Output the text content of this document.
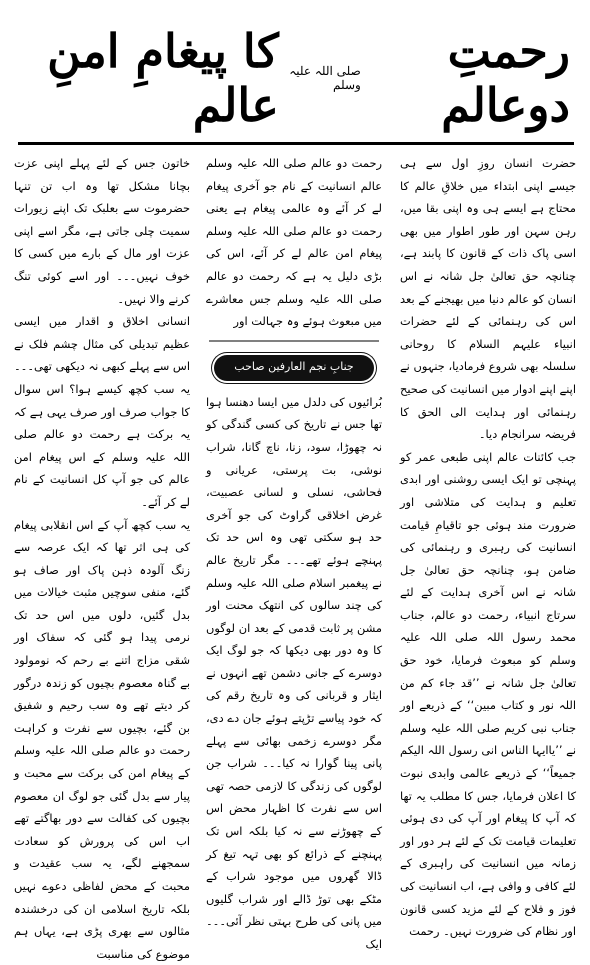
رحمتِ دوعالم
صلی اللہ علیہ وسلم
کا پیغامِ امنِ عالم

حضرت انسان روزِ اول سے ہی جیسے اپنی ابتداء میں خلاقِ عالم کا محتاج ہے ایسے ہی وہ اپنی بقا میں، رہن سہن اور طور اطوار میں بھی اسی پاک ذات کے قانون کا پابند ہے، چنانچہ حق تعالیٰ جل شانہ نے اس انسان کو عالم دنیا میں بھیجنے کے بعد اس کی رہنمائی کے لئے حضرات انبیاء علیہم السلام کا روحانی سلسلہ بھی شروع فرمادیا، جنہوں نے اپنے اپنے ادوار میں انسانیت کی صحیح رہنمائی اور ہدایت الی الحق کا فریضہ سرانجام دیا۔

جب کائنات عالم اپنی طبعی عمر کو پہنچی تو ایک ایسی روشنی اور ابدی تعلیم و ہدایت کی متلاشی اور ضرورت مند ہوئی جو تاقیامِ قیامت انسانیت کی رہبری و رہنمائی کی ضامن ہو، چنانچہ حق تعالیٰ جل شانہ نے اس آخری ہدایت کے لئے سرتاج انبیاء، رحمت دو عالم، جناب محمد رسول اللہ صلی اللہ علیہ وسلم کو مبعوث فرمایا، خود حق تعالیٰ جل شانہ نے ’’قد جاء کم من اللہ نور و کتاب مبین‘‘ کے ذریعے اور جناب نبی کریم صلی اللہ علیہ وسلم نے ’’یاایہا الناس انی رسول اللہ الیکم جمیعاً‘‘ کے ذریعے عالمی وابدی نبوت کا اعلان فرمایا، جس کا مطلب یہ تھا کہ آپ کا پیغام اور آپ کی دی ہوئی تعلیمات قیامت تک کے لئے ہر دور اور زمانہ میں انسانیت کی راہبری کے لئے کافی و وافی ہے، اب انسانیت کی فوز و فلاح کے لئے مزید کسی قانون اور نظام کی ضرورت نہیں۔ رحمت

رحمت دو عالم صلی اللہ علیہ وسلم عالم انسانیت کے نام جو آخری پیغام لے کر آئے وہ عالمی پیغام ہے یعنی رحمت دو عالم صلی اللہ علیہ وسلم پیغام امن عالم لے کر آئے، اس کی بڑی دلیل یہ ہے کہ رحمت دو عالم صلی اللہ علیہ وسلم جس معاشرے میں مبعوث ہوئے وہ جہالت اور

جنابِ نجم العارفین صاحب

بُرائیوں کی دلدل میں ایسا دھنسا ہوا تھا جس نے تاریخ کی کسی گندگی کو نہ چھوڑا، سود، زنا، ناچ گانا، شراب نوشی، بت پرستی، عریانی و فحاشی، نسلی و لسانی عصبیت، غرض اخلاقی گراوٹ کی جو آخری حد ہو سکتی تھی وہ اس حد تک پہنچے ہوئے تھے۔۔۔ مگر تاریخ عالم نے پیغمبر اسلام صلی اللہ علیہ وسلم کی چند سالوں کی انتھک محنت اور مشن پر ثابت قدمی کے بعد ان لوگوں کا وہ دور بھی دیکھا کہ جو لوگ ایک دوسرے کے جانی دشمن تھے انہوں نے ایثار و قربانی کی وہ تاریخ رقم کی کہ خود پیاسے تڑپتے ہوئے جان دے دی، مگر دوسرے زخمی بھائی سے پہلے پانی پینا گوارا نہ کیا۔۔۔ شراب جن لوگوں کی زندگی کا لازمی حصہ تھی اس سے نفرت کا اظہار محض اس کے چھوڑنے سے نہ کیا بلکہ اس تک پہنچنے کے ذرائع کو بھی تہہ تیغ کر ڈالا گھروں میں موجود شراب کے مٹکے بھی توڑ ڈالے اور شراب گلیوں میں پانی کی طرح بہتی نظر آئی۔۔۔ ایک

خاتون جس کے لئے پہلے اپنی عزت بچانا مشکل تھا وہ اب تن تنہا حضرموت سے بعلبک تک اپنے زیورات سمیت چلی جاتی ہے، مگر اسے اپنی عزت اور مال کے بارے میں کسی کا خوف نہیں۔۔۔ اور اسے کوئی تنگ کرنے والا نہیں۔

انسانی اخلاق و اقدار میں ایسی عظیم تبدیلی کی مثال چشم فلک نے اس سے پہلے کبھی نہ دیکھی تھی۔۔۔ یہ سب کچھ کیسے ہوا؟ اس سوال کا جواب صرف اور صرف یہی ہے کہ یہ برکت ہے رحمت دو عالم صلی اللہ علیہ وسلم کے اس پیغام امن عالم کی جو آپ کل انسانیت کے نام لے کر آئے۔

یہ سب کچھ آپ کے اس انقلابی پیغام کی ہی اثر تھا کہ ایک عرصہ سے زنگ آلودہ ذہن پاک اور صاف ہو گئے، منفی سوچیں مثبت خیالات میں بدل گئیں، دلوں میں اس حد تک نرمی پیدا ہو گئی کہ سفاک اور شقی مزاج اتنے بے رحم کہ نومولود بے گناہ معصوم بچیوں کو زندہ درگور کر دیتے تھے وہ سب رحیم و شفیق بن گئے، بچیوں سے نفرت و کراہت رحمت دو عالم صلی اللہ علیہ وسلم کے پیغام امن کی برکت سے محبت و پیار سے بدل گئی جو لوگ ان معصوم بچیوں کی کفالت سے دور بھاگتے تھے اب اس کی پرورش کو سعادت سمجھنے لگے، یہ سب عقیدت و محبت کے محض لفاظی دعوے نہیں بلکہ تاریخ اسلامی ان کی درخشندہ مثالوں سے بھری پڑی ہے، یہاں ہم موضوع کی مناسبت
